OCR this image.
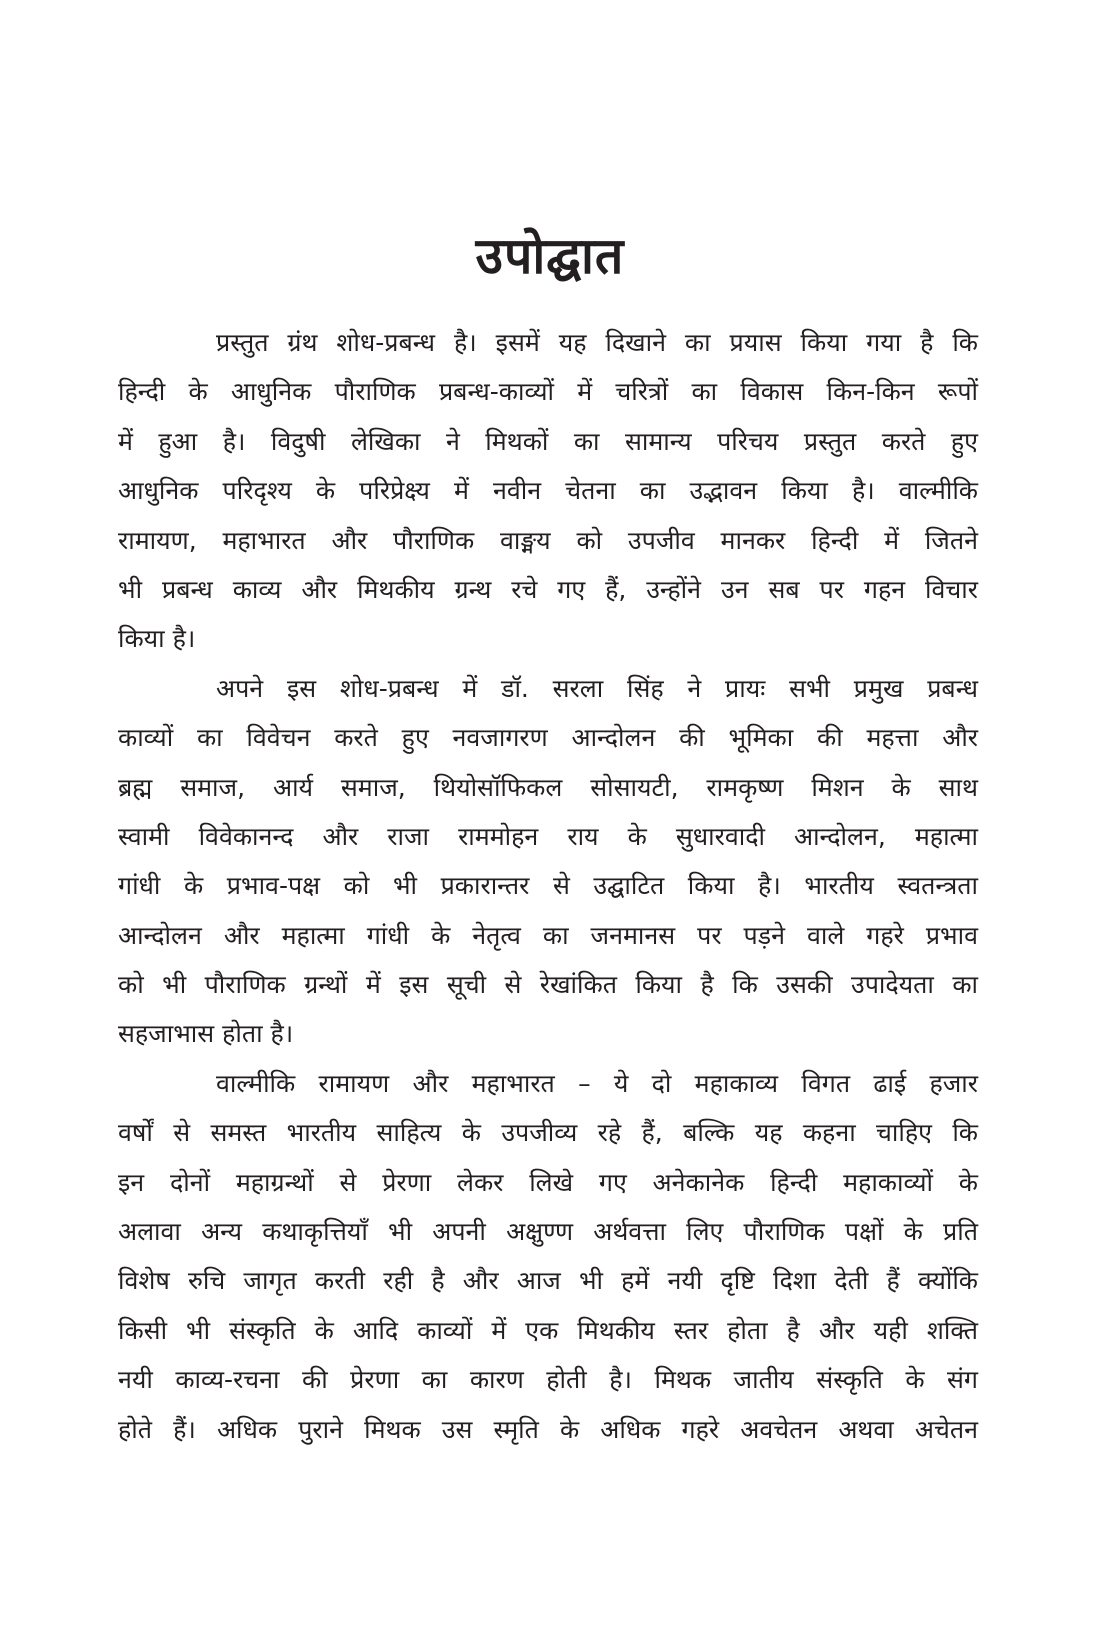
उपोद्घात
प्रस्तुत ग्रंथ शोध-प्रबन्ध है। इसमें यह दिखाने का प्रयास किया गया है कि
हिन्दी के आधुनिक पौराणिक प्रबन्ध-काव्यों में चरित्रों का विकास किन-किन रूपों
में हुआ है। विदुषी लेखिका ने मिथकों का सामान्य परिचय प्रस्तुत करते हुए
आधुनिक परिदृश्य के परिप्रेक्ष्य में नवीन चेतना का उद्भावन किया है। वाल्मीकि
रामायण, महाभारत और पौराणिक वाङ्मय को उपजीव मानकर हिन्दी में जितने
भी प्रबन्ध काव्य और मिथकीय ग्रन्थ रचे गए हैं, उन्होंने उन सब पर गहन विचार
किया है।
अपने इस शोध-प्रबन्ध में डॉ. सरला सिंह ने प्रायः सभी प्रमुख प्रबन्ध
काव्यों का विवेचन करते हुए नवजागरण आन्दोलन की भूमिका की महत्ता और
ब्रह्म समाज, आर्य समाज, थियोसॉफिकल सोसायटी, रामकृष्ण मिशन के साथ
स्वामी विवेकानन्द और राजा राममोहन राय के सुधारवादी आन्दोलन, महात्मा
गांधी के प्रभाव-पक्ष को भी प्रकारान्तर से उद्घाटित किया है। भारतीय स्वतन्त्रता
आन्दोलन और महात्मा गांधी के नेतृत्व का जनमानस पर पड़ने वाले गहरे प्रभाव
को भी पौराणिक ग्रन्थों में इस सूची से रेखांकित किया है कि उसकी उपादेयता का
सहजाभास होता है।
वाल्मीकि रामायण और महाभारत – ये दो महाकाव्य विगत ढाई हजार
वर्षों से समस्त भारतीय साहित्य के उपजीव्य रहे हैं, बल्कि यह कहना चाहिए कि
इन दोनों महाग्रन्थों से प्रेरणा लेकर लिखे गए अनेकानेक हिन्दी महाकाव्यों के
अलावा अन्य कथाकृत्तियाँ भी अपनी अक्षुण्ण अर्थवत्ता लिए पौराणिक पक्षों के प्रति
विशेष रुचि जागृत करती रही है और आज भी हमें नयी दृष्टि दिशा देती हैं क्योंकि
किसी भी संस्कृति के आदि काव्यों में एक मिथकीय स्तर होता है और यही शक्ति
नयी काव्य-रचना की प्रेरणा का कारण होती है। मिथक जातीय संस्कृति के संग
होते हैं। अधिक पुराने मिथक उस स्मृति के अधिक गहरे अवचेतन अथवा अचेतन
